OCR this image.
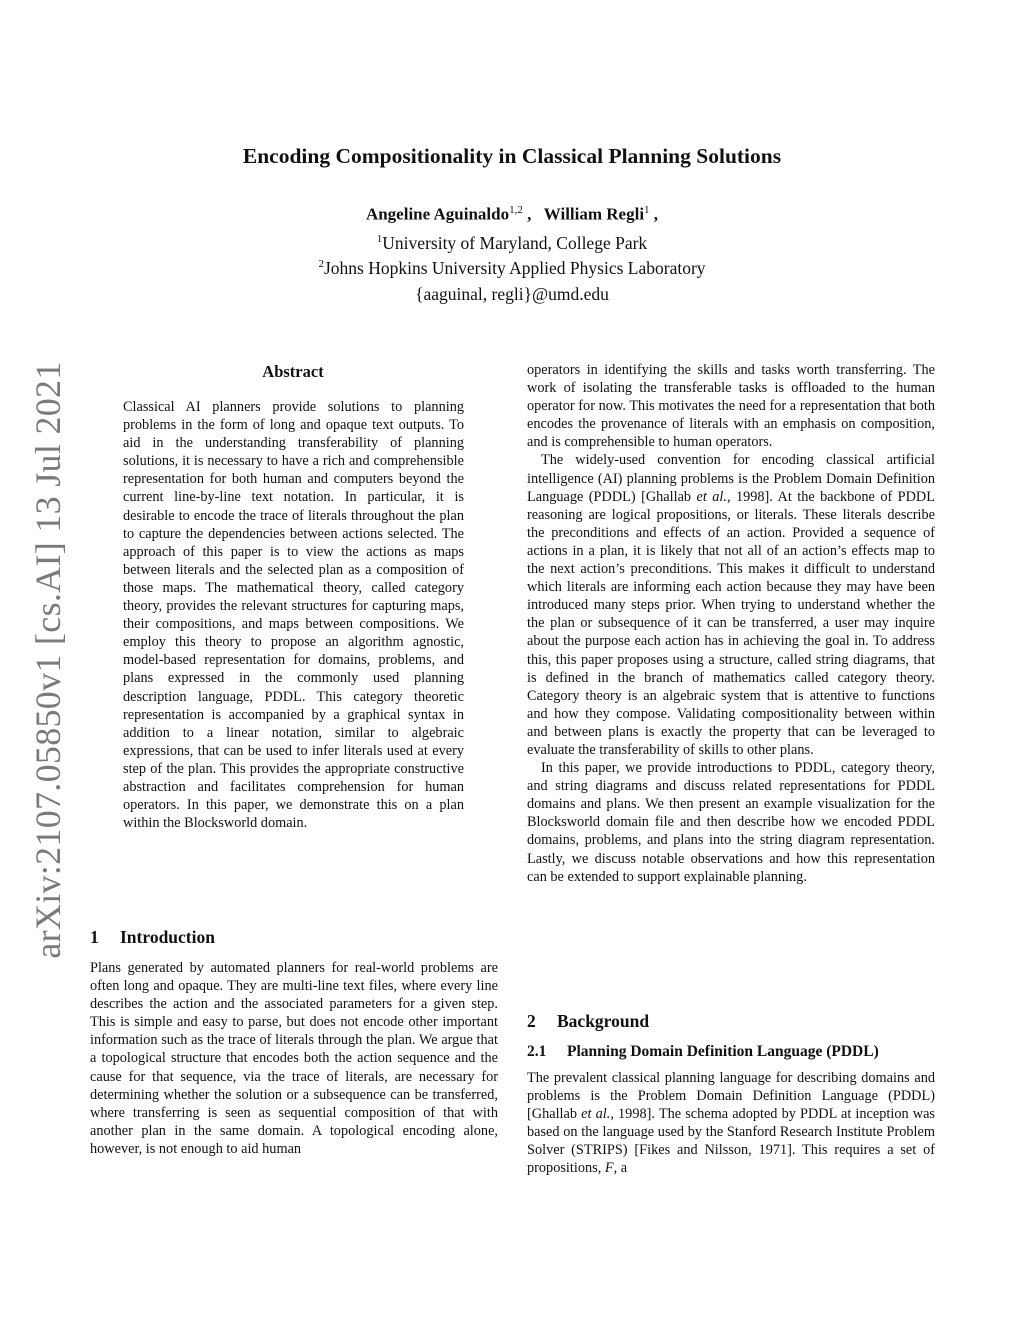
arXiv:2107.05850v1 [cs.AI] 13 Jul 2021
Encoding Compositionality in Classical Planning Solutions
Angeline Aguinaldo$^{1,2}$ ,   William Regli$^1$ ,
$^1$University of Maryland, College Park
$^2$Johns Hopkins University Applied Physics Laboratory
{aaguinal, regli}@umd.edu
Abstract

Classical AI planners provide solutions to planning problems in the form of long and opaque text outputs. To aid in the understanding transferability of planning solutions, it is necessary to have a rich and comprehensible representation for both human and computers beyond the current line-by-line text notation. In particular, it is desirable to encode the trace of literals throughout the plan to capture the dependencies between actions selected. The approach of this paper is to view the actions as maps between literals and the selected plan as a composition of those maps. The mathematical theory, called category theory, provides the relevant structures for capturing maps, their compositions, and maps between compositions. We employ this theory to propose an algorithm agnostic, model-based representation for domains, problems, and plans expressed in the commonly used planning description language, PDDL. This category theoretic representation is accompanied by a graphical syntax in addition to a linear notation, similar to algebraic expressions, that can be used to infer literals used at every step of the plan. This provides the appropriate constructive abstraction and facilitates comprehension for human operators. In this paper, we demonstrate this on a plan within the Blocksworld domain.

1 Introduction

Plans generated by automated planners for real-world problems are often long and opaque. They are multi-line text files, where every line describes the action and the associated parameters for a given step. This is simple and easy to parse, but does not encode other important information such as the trace of literals through the plan. We argue that a topological structure that encodes both the action sequence and the cause for that sequence, via the trace of literals, are necessary for determining whether the solution or a subsequence can be transferred, where transferring is seen as sequential composition of that with another plan in the same domain. A topological encoding alone, however, is not enough to aid human

operators in identifying the skills and tasks worth transferring. The work of isolating the transferable tasks is offloaded to the human operator for now. This motivates the need for a representation that both encodes the provenance of literals with an emphasis on composition, and is comprehensible to human operators.

The widely-used convention for encoding classical artificial intelligence (AI) planning problems is the Problem Domain Definition Language (PDDL) [Ghallab et al., 1998]. At the backbone of PDDL reasoning are logical propositions, or literals. These literals describe the preconditions and effects of an action. Provided a sequence of actions in a plan, it is likely that not all of an action’s effects map to the next action’s preconditions. This makes it difficult to understand which literals are informing each action because they may have been introduced many steps prior. When trying to understand whether the the plan or subsequence of it can be transferred, a user may inquire about the purpose each action has in achieving the goal in. To address this, this paper proposes using a structure, called string diagrams, that is defined in the branch of mathematics called category theory. Category theory is an algebraic system that is attentive to functions and how they compose. Validating compositionality between within and between plans is exactly the property that can be leveraged to evaluate the transferability of skills to other plans.

In this paper, we provide introductions to PDDL, category theory, and string diagrams and discuss related representations for PDDL domains and plans. We then present an example visualization for the Blocksworld domain file and then describe how we encoded PDDL domains, problems, and plans into the string diagram representation. Lastly, we discuss notable observations and how this representation can be extended to support explainable planning.

2 Background
2.1 Planning Domain Definition Language (PDDL)

The prevalent classical planning language for describing domains and problems is the Problem Domain Definition Language (PDDL) [Ghallab et al., 1998]. The schema adopted by PDDL at inception was based on the language used by the Stanford Research Institute Problem Solver (STRIPS) [Fikes and Nilsson, 1971]. This requires a set of propositions, F, a
